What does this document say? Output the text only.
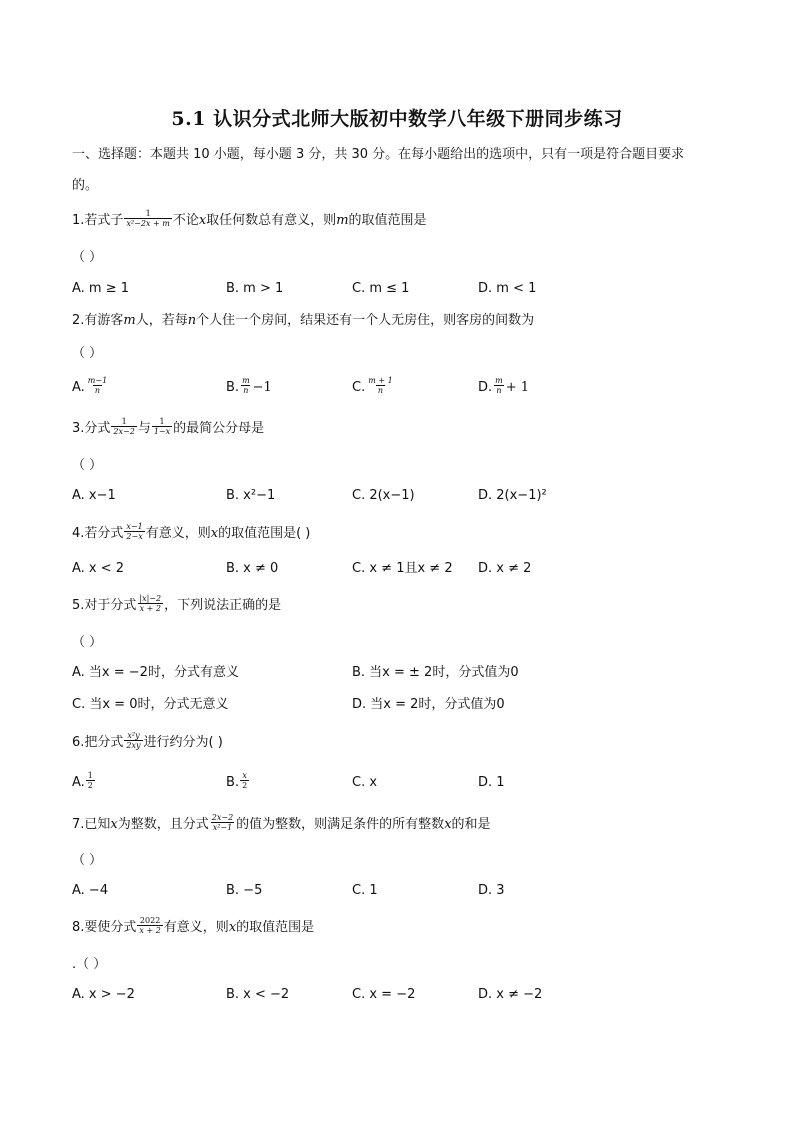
5.1 认识分式北师大版初中数学八年级下册同步练习
一、选择题：本题共 10 小题，每小题 3 分，共 30 分。在每小题给出的选项中，只有一项是符合题目要求
的。
1.若式子 $\frac{1}{\text{x²−2x + m}}$ 不论x取任何数总有意义，则m的取值范围是
（ ）
A. m ≥ 1	B. m > 1	C. m ≤ 1	D. m < 1
2.有游客m人，若每n个人住一个房间，结果还有一个人无房住，则客房的间数为
（ ）
A. $\frac{m-1}{n}$	B. $\frac{m}{n} -1$	C. $\frac{m + 1}{n}$	D. $\frac{m}{n} + 1$
3.分式 $\frac{1}{2x-2}$ 与 $\frac{1}{1-x}$ 的最简公分母是
（ ）
A. x−1	B. x²−1	C. 2(x−1)	D. 2(x−1)²
4.若分式 $\frac{x-1}{2-x}$ 有意义，则x的取值范围是( )
A. x < 2	B. x ≠ 0	C. x ≠ 1且x ≠ 2 D. x ≠ 2
5.对于分式 $\frac{|x|-2}{x + 2}$ ，下列说法正确的是
（ ）
A. 当x = −2时，分式有意义	B. 当x = ± 2时，分式值为0
C. 当x = 0时，分式无意义	D. 当x = 2时，分式值为0
6.把分式 $\frac{\text{x²y}}{2xy}$ 进行约分为( )
A. $\frac{1}{2}$	B. $\frac{x}{2}$	C. x	D. 1
7.已知x为整数，且分式 $\frac{2x-2}{\text{x²−1}}$ 的值为整数，则满足条件的所有整数x的和是
（ ）
A. −4	B. −5	C. 1	D. 3
8.要使分式 $\frac{2022}{x + 2}$ 有意义，则x的取值范围是
.（ ）
A. x > −2	B. x < −2	C. x = −2	D. x ≠ −2
